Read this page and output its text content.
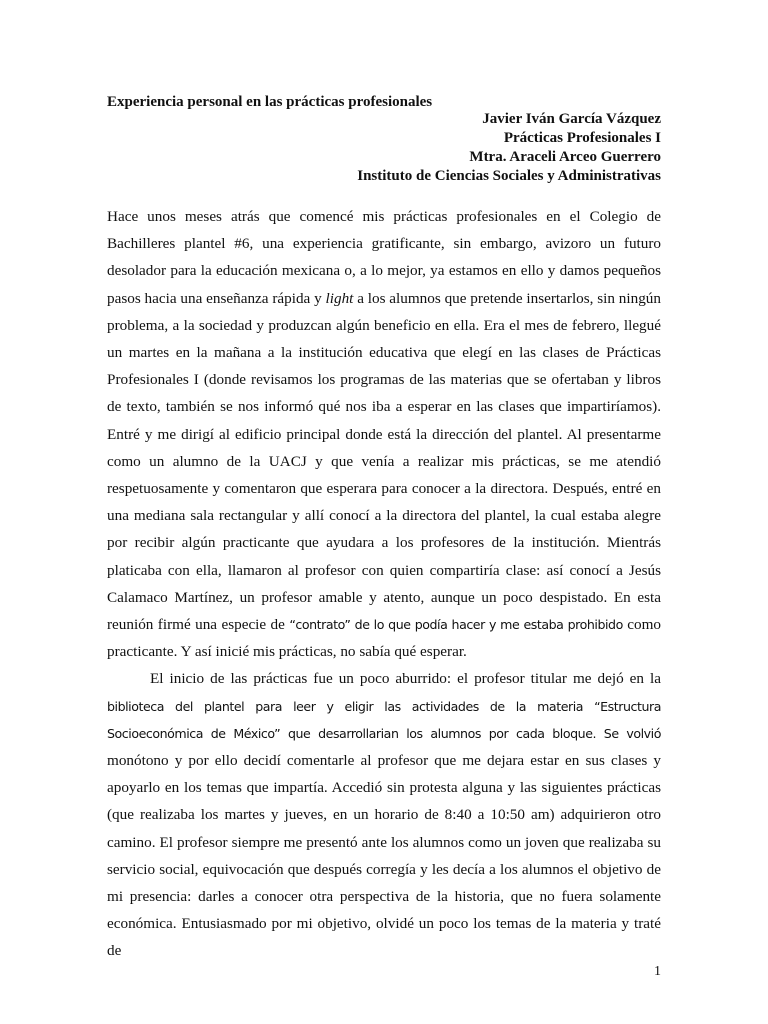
Experiencia personal en las prácticas profesionales
Javier Iván García Vázquez
Prácticas Profesionales I
Mtra. Araceli Arceo Guerrero
Instituto de Ciencias Sociales y Administrativas

Hace unos meses atrás que comencé mis prácticas profesionales en el Colegio de Bachilleres plantel #6, una experiencia gratificante, sin embargo, avizoro un futuro desolador para la educación mexicana o, a lo mejor, ya estamos en ello y damos pequeños pasos hacia una enseñanza rápida y light a los alumnos que pretende insertarlos, sin ningún problema, a la sociedad y produzcan algún beneficio en ella. Era el mes de febrero, llegué un martes en la mañana a la institución educativa que elegí en las clases de Prácticas Profesionales I (donde revisamos los programas de las materias que se ofertaban y libros de texto, también se nos informó qué nos iba a esperar en las clases que impartiríamos). Entré y me dirigí al edificio principal donde está la dirección del plantel. Al presentarme como un alumno de la UACJ y que venía a realizar mis prácticas, se me atendió respetuosamente y comentaron que esperara para conocer a la directora. Después, entré en una mediana sala rectangular y allí conocí a la directora del plantel, la cual estaba alegre por recibir algún practicante que ayudara a los profesores de la institución. Mientrás platicaba con ella, llamaron al profesor con quien compartiría clase: así conocí a Jesús Calamaco Martínez, un profesor amable y atento, aunque un poco despistado. En esta reunión firmé una especie de “contrato” de lo que podía hacer y me estaba prohibido como practicante. Y así inicié mis prácticas, no sabía qué esperar.

El inicio de las prácticas fue un poco aburrido: el profesor titular me dejó en la biblioteca del plantel para leer y eligir las actividades de la materia “Estructura Socioeconómica de México” que desarrollarian los alumnos por cada bloque. Se volvió monótono y por ello decidí comentarle al profesor que me dejara estar en sus clases y apoyarlo en los temas que impartía. Accedió sin protesta alguna y las siguientes prácticas (que realizaba los martes y jueves, en un horario de 8:40 a 10:50 am) adquirieron otro camino. El profesor siempre me presentó ante los alumnos como un joven que realizaba su servicio social, equivocación que después corregía y les decía a los alumnos el objetivo de mi presencia: darles a conocer otra perspectiva de la historia, que no fuera solamente económica. Entusiasmado por mi objetivo, olvidé un poco los temas de la materia y traté de

1
